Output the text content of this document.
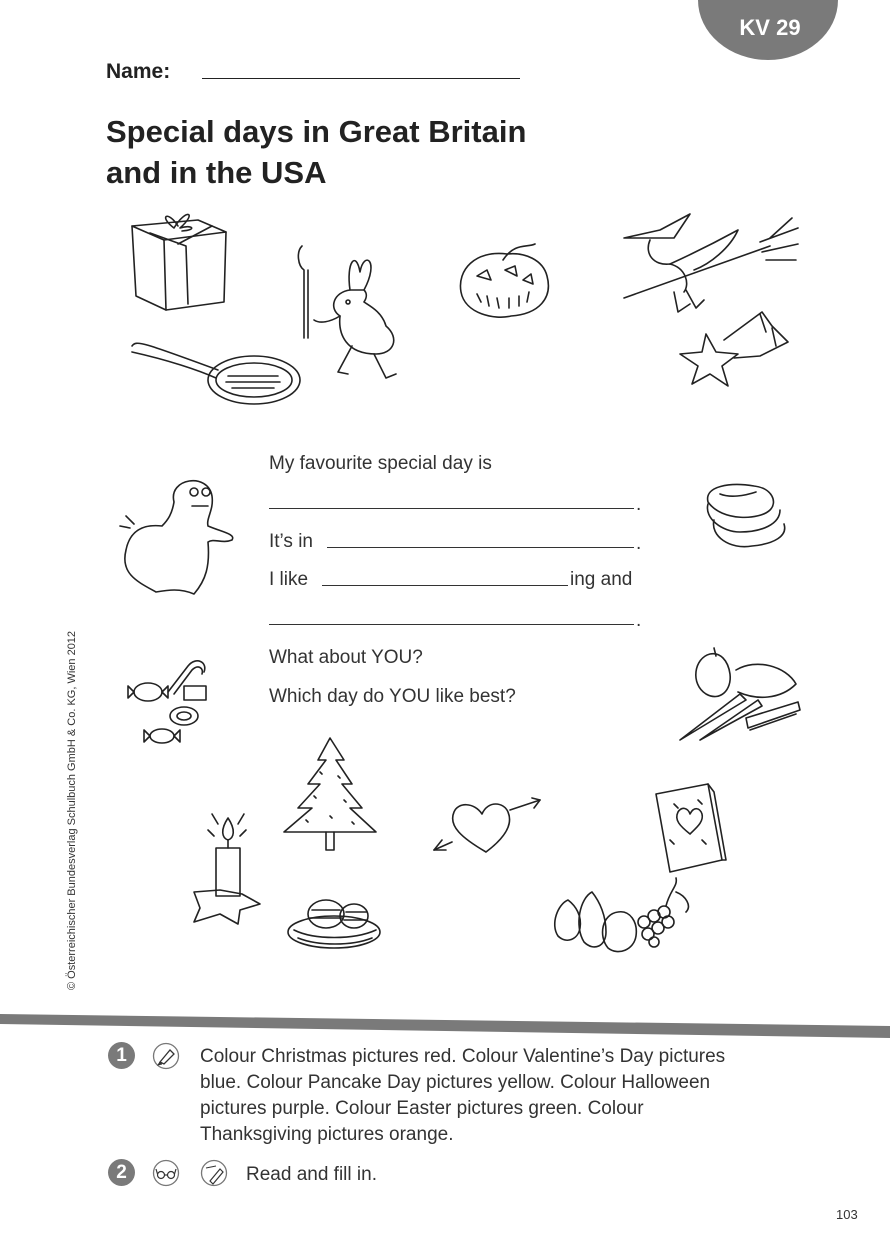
KV 29
Name:
Special days in Great Britain
and in the USA
My favourite special day is
.
It’s in	.
I like	ing and
.
What about YOU?
Which day do YOU like best?
© Österreichischer Bundesverlag Schulbuch GmbH & Co. KG, Wien 2012
1	Colour Christmas pictures red. Colour Valentine’s Day pictures
blue. Colour Pancake Day pictures yellow. Colour Halloween
pictures purple. Colour Easter pictures green. Colour
Thanksgiving pictures orange.
2	Read and fill in.
103
